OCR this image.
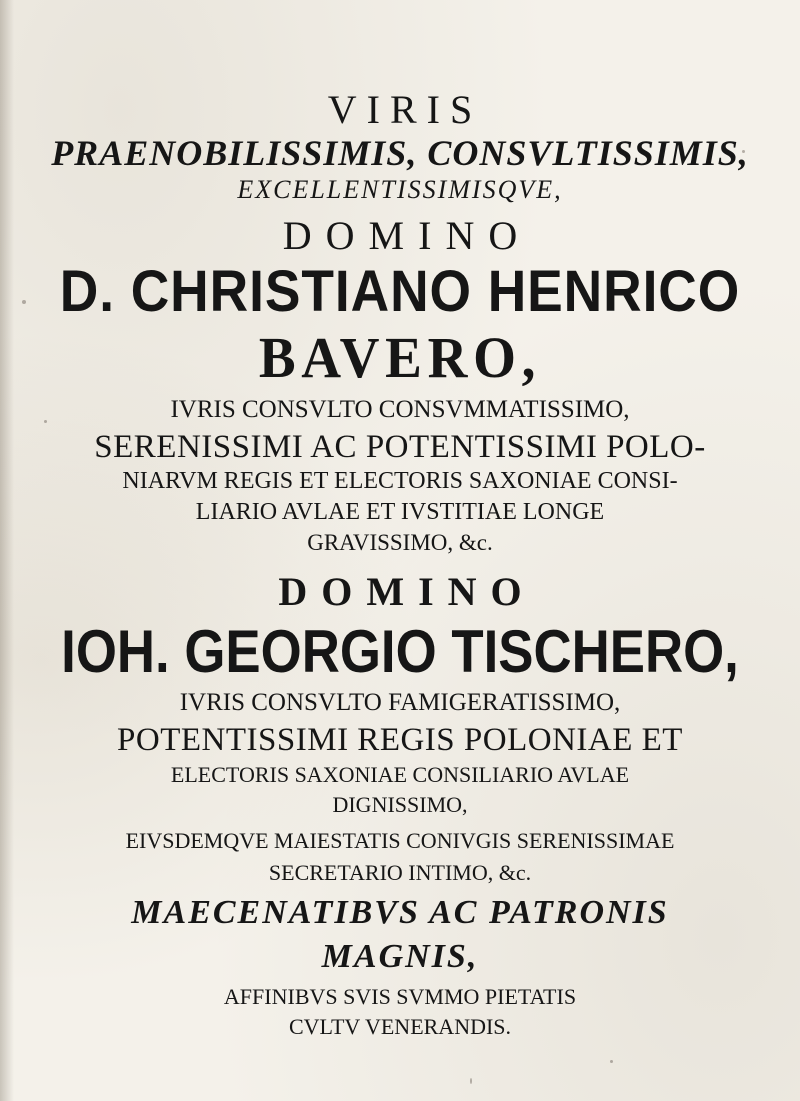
VIRIS
PRAENOBILISSIMIS, CONSVLTISSIMIS,
EXCELLENTISSIMISQVE,
DOMINO
D. CHRISTIANO HENRICO
BAVERO,
IVRIS CONSVLTO CONSVMMATISSIMO,
SERENISSIMI AC POTENTISSIMI POLO-
NIARVM REGIS ET ELECTORIS SAXONIAE CONSI-
LIARIO AVLAE ET IVSTITIAE LONGE
GRAVISSIMO, &c.
DOMINO
IOH. GEORGIO TISCHERO,
IVRIS CONSVLTO FAMIGERATISSIMO,
POTENTISSIMI REGIS POLONIAE ET
ELECTORIS SAXONIAE CONSILIARIO AVLAE
DIGNISSIMO,
EIVSDEMQVE MAIESTATIS CONIVGIS SERENISSIMAE
SECRETARIO INTIMO, &c.
MAECENATIBVS AC PATRONIS
MAGNIS,
AFFINIBVS SVIS SVMMO PIETATIS
CVLTV VENERANDIS.
